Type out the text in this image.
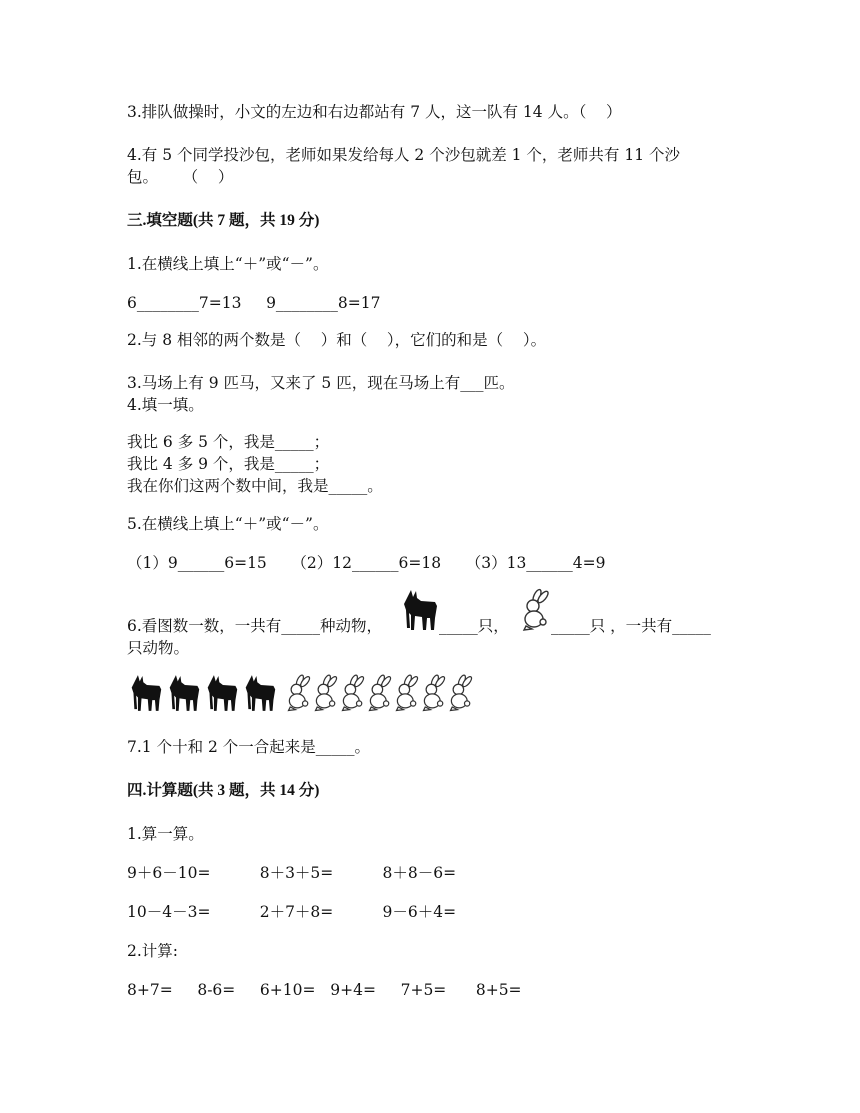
3.排队做操时，小文的左边和右边都站有 7 人，这一队有 14 人。（    ）
4.有 5 个同学投沙包，老师如果发给每人 2 个沙包就差 1 个，老师共有 11 个沙
包。     （    ）
三.填空题(共 7 题，共 19 分)
1.在横线上填上“＋”或“－”。
6________7=13     9________8=17
2.与 8 相邻的两个数是（    ）和（    ），它们的和是（    ）。
3.马场上有 9 匹马，又来了 5 匹，现在马场上有___匹。
4.填一填。
我比 6 多 5 个，我是_____；
我比 4 多 9 个，我是_____；
我在你们这两个数中间，我是_____。
5.在横线上填上“＋”或“－”。
（1）9______6=15     （2）12______6=18     （3）13______4=9
6.看图数一数，一共有_____种动物，	_____只，	_____只 ，一共有_____
只动物。
7.1 个十和 2 个一合起来是_____。
四.计算题(共 3 题，共 14 分)
1.算一算。
9＋6－10=          8＋3＋5=          8＋8－6=
10－4－3=          2＋7＋8=          9－6＋4=
2.计算:
8+7=     8-6=     6+10=   9+4=     7+5=      8+5=
